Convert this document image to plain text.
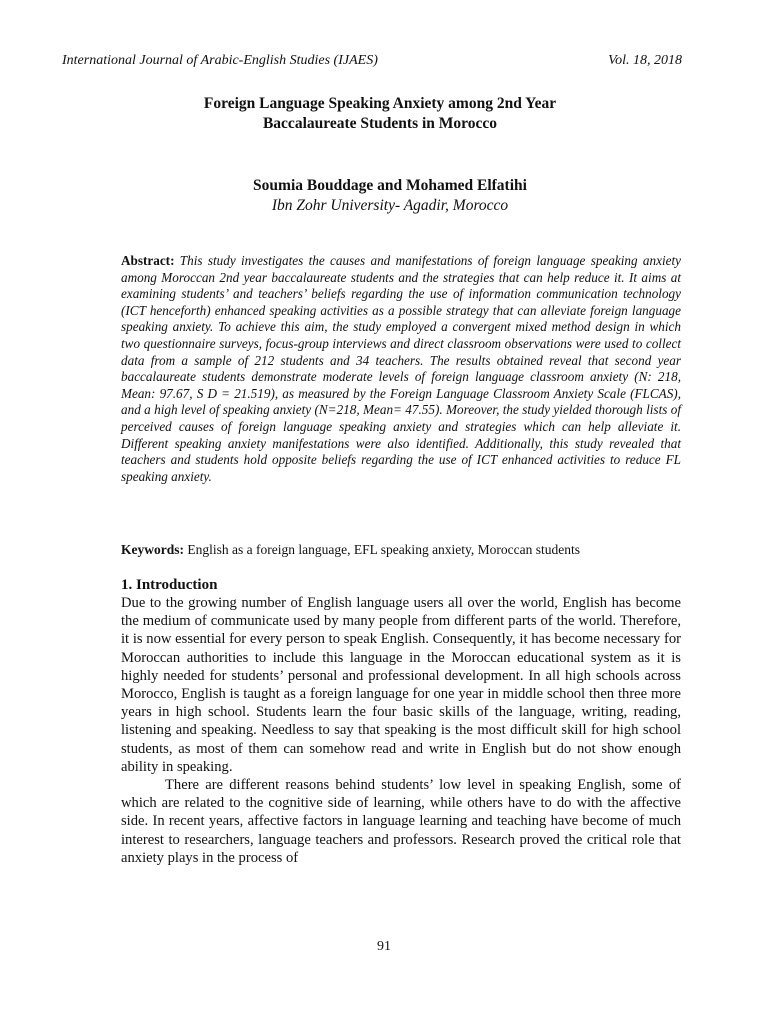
International Journal of Arabic-English Studies (IJAES)	Vol. 18, 2018
Foreign Language Speaking Anxiety among 2nd Year
Baccalaureate Students in Morocco
Soumia Bouddage and Mohamed Elfatihi
Ibn Zohr University- Agadir, Morocco
Abstract: This study investigates the causes and manifestations of foreign language speaking anxiety among Moroccan 2nd year baccalaureate students and the strategies that can help reduce it. It aims at examining students’ and teachers’ beliefs regarding the use of information communication technology (ICT henceforth) enhanced speaking activities as a possible strategy that can alleviate foreign language speaking anxiety. To achieve this aim, the study employed a convergent mixed method design in which two questionnaire surveys, focus-group interviews and direct classroom observations were used to collect data from a sample of 212 students and 34 teachers. The results obtained reveal that second year baccalaureate students demonstrate moderate levels of foreign language classroom anxiety (N: 218, Mean: 97.67, S D = 21.519), as measured by the Foreign Language Classroom Anxiety Scale (FLCAS), and a high level of speaking anxiety (N=218, Mean= 47.55). Moreover, the study yielded thorough lists of perceived causes of foreign language speaking anxiety and strategies which can help alleviate it. Different speaking anxiety manifestations were also identified. Additionally, this study revealed that teachers and students hold opposite beliefs regarding the use of ICT enhanced activities to reduce FL speaking anxiety.
Keywords: English as a foreign language, EFL speaking anxiety, Moroccan students
1. Introduction

Due to the growing number of English language users all over the world, English has become the medium of communicate used by many people from different parts of the world. Therefore, it is now essential for every person to speak English. Consequently, it has become necessary for Moroccan authorities to include this language in the Moroccan educational system as it is highly needed for students’ personal and professional development. In all high schools across Morocco, English is taught as a foreign language for one year in middle school then three more years in high school. Students learn the four basic skills of the language, writing, reading, listening and speaking. Needless to say that speaking is the most difficult skill for high school students, as most of them can somehow read and write in English but do not show enough ability in speaking.

There are different reasons behind students’ low level in speaking English, some of which are related to the cognitive side of learning, while others have to do with the affective side. In recent years, affective factors in language learning and teaching have become of much interest to researchers, language teachers and professors. Research proved the critical role that anxiety plays in the process of

91
